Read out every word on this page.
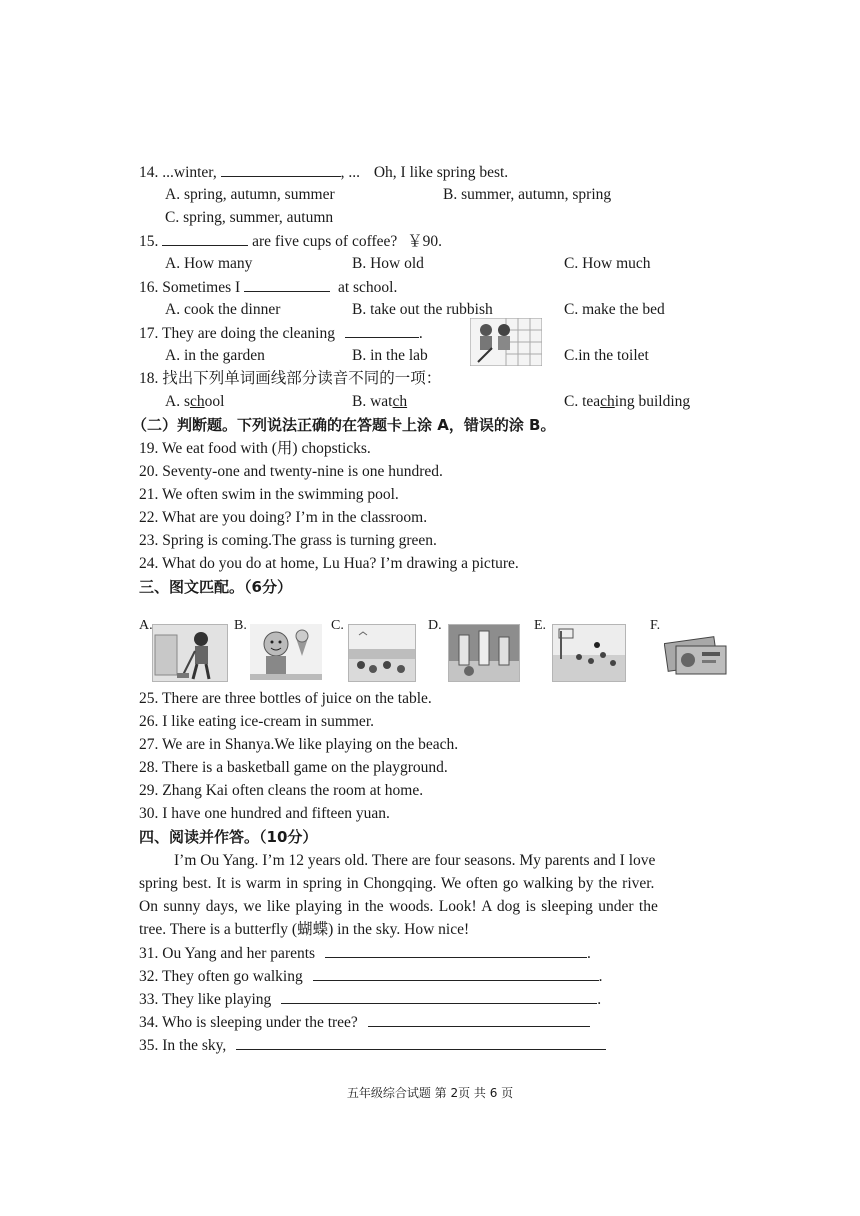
14. ...winter,	, ... Oh, I like spring best.
A. spring, autumn, summer	B. summer, autumn, spring
C. spring, summer, autumn
15.	are five cups of coffee? ￥90.
A. How many	B. How old	C. How much
16. Sometimes I	at school.
A. cook the dinner	B. take out the rubbish	C. make the bed
17. They are doing the cleaning	.
A. in the garden	B. in the lab	C.in the toilet
18. 找出下列单词画线部分读音不同的一项：
A. school	B. watch	C. teaching building
（二）判断题。下列说法正确的在答题卡上涂 A，错误的涂 B。
19. We eat food with (用) chopsticks.
20. Seventy-one and twenty-nine is one hundred.
21. We often swim in the swimming pool.
22. What are you doing? I’m in the classroom.
23. Spring is coming.The grass is turning green.
24. What do you do at home, Lu Hua? I’m drawing a picture.
三、图文匹配。（6分）
A.	B.	C.	D.	E.	F.
25. There are three bottles of juice on the table.
26. I like eating ice-cream in summer.
27. We are in Shanya.We like playing on the beach.
28. There is a basketball game on the playground.
29. Zhang Kai often cleans the room at home.
30. I have one hundred and fifteen yuan.
四、阅读并作答。（10分）
I’m Ou Yang. I’m 12 years old. There are four seasons. My parents and I love
spring best. It is warm in spring in Chongqing. We often go walking by the river.
On sunny days, we like playing in the woods. Look! A dog is sleeping under the
tree. There is a butterfly (蝴蝶) in the sky. How nice!
31. Ou Yang and her parents	.
32. They often go walking	.
33. They like playing	.
34. Who is sleeping under the tree?
35. In the sky,
五年级综合试题 第 2页 共 6 页
